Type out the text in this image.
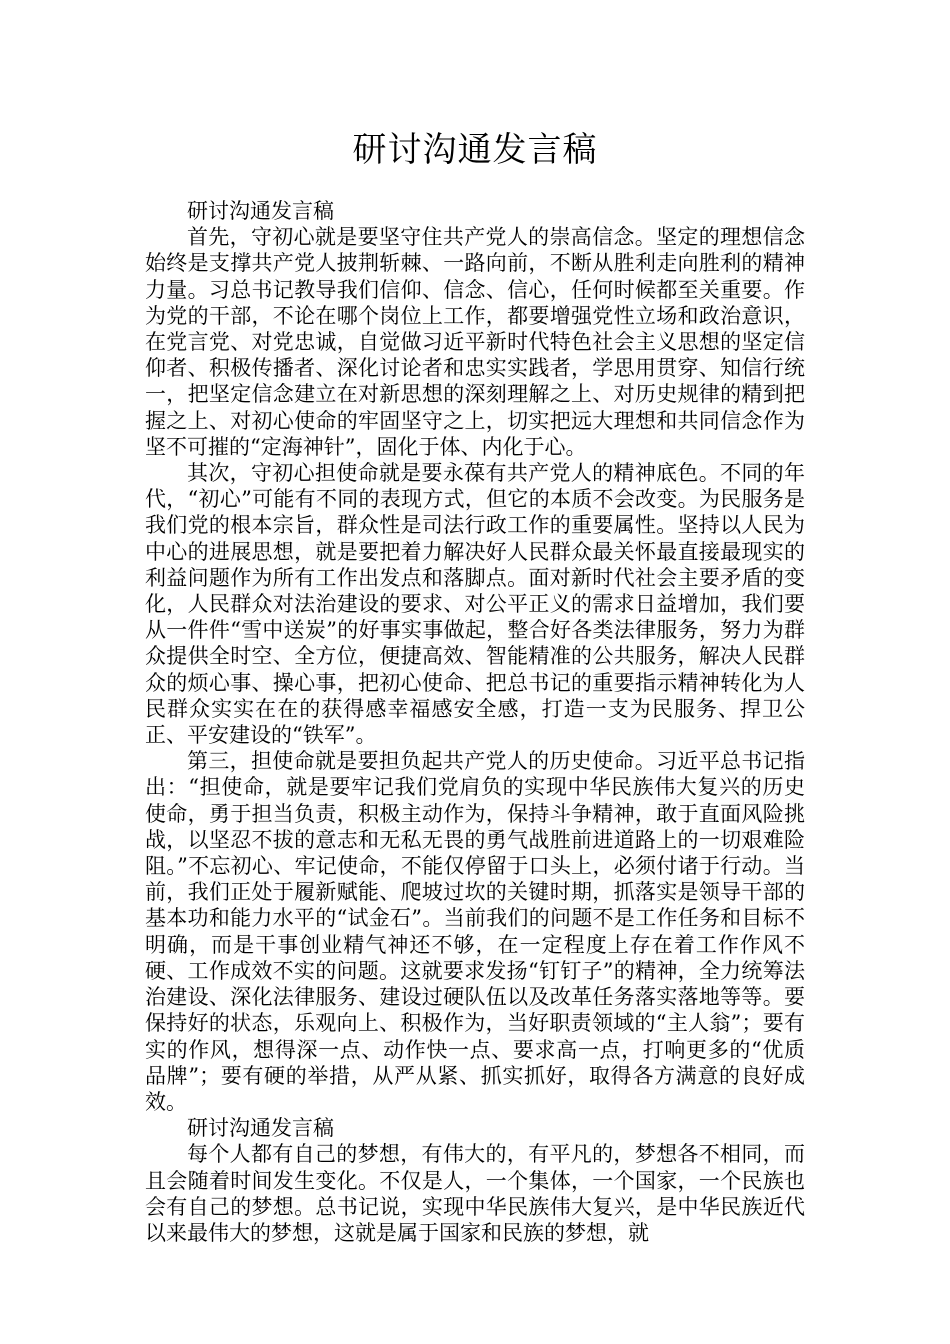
研讨沟通发言稿

研讨沟通发言稿

首先，守初心就是要坚守住共产党人的崇高信念。坚定的理想信念始终是支撑共产党人披荆斩棘、一路向前，不断从胜利走向胜利的精神力量。习总书记教导我们信仰、信念、信心，任何时候都至关重要。作为党的干部，不论在哪个岗位上工作，都要增强党性立场和政治意识，在党言党、对党忠诚，自觉做习近平新时代特色社会主义思想的坚定信仰者、积极传播者、深化讨论者和忠实实践者，学思用贯穿、知信行统一，把坚定信念建立在对新思想的深刻理解之上、对历史规律的精到把握之上、对初心使命的牢固坚守之上，切实把远大理想和共同信念作为坚不可摧的“定海神针”，固化于体、内化于心。

其次，守初心担使命就是要永葆有共产党人的精神底色。不同的年代，“初心”可能有不同的表现方式，但它的本质不会改变。为民服务是我们党的根本宗旨，群众性是司法行政工作的重要属性。坚持以人民为中心的进展思想，就是要把着力解决好人民群众最关怀最直接最现实的利益问题作为所有工作出发点和落脚点。面对新时代社会主要矛盾的变化，人民群众对法治建设的要求、对公平正义的需求日益增加，我们要从一件件“雪中送炭”的好事实事做起，整合好各类法律服务，努力为群众提供全时空、全方位，便捷高效、智能精准的公共服务，解决人民群众的烦心事、操心事，把初心使命、把总书记的重要指示精神转化为人民群众实实在在的获得感幸福感安全感，打造一支为民服务、捍卫公正、平安建设的“铁军”。

第三，担使命就是要担负起共产党人的历史使命。习近平总书记指出：“担使命，就是要牢记我们党肩负的实现中华民族伟大复兴的历史使命，勇于担当负责，积极主动作为，保持斗争精神，敢于直面风险挑战，以坚忍不拔的意志和无私无畏的勇气战胜前进道路上的一切艰难险阻。”不忘初心、牢记使命，不能仅停留于口头上，必须付诸于行动。当前，我们正处于履新赋能、爬坡过坎的关键时期，抓落实是领导干部的基本功和能力水平的“试金石”。当前我们的问题不是工作任务和目标不明确，而是干事创业精气神还不够，在一定程度上存在着工作作风不硬、工作成效不实的问题。这就要求发扬“钉钉子”的精神，全力统筹法治建设、深化法律服务、建设过硬队伍以及改革任务落实落地等等。要保持好的状态，乐观向上、积极作为，当好职责领域的“主人翁”；要有实的作风，想得深一点、动作快一点、要求高一点，打响更多的“优质品牌”；要有硬的举措，从严从紧、抓实抓好，取得各方满意的良好成效。

研讨沟通发言稿

每个人都有自己的梦想，有伟大的，有平凡的，梦想各不相同，而且会随着时间发生变化。不仅是人，一个集体，一个国家，一个民族也会有自己的梦想。总书记说，实现中华民族伟大复兴，是中华民族近代以来最伟大的梦想，这就是属于国家和民族的梦想，就
